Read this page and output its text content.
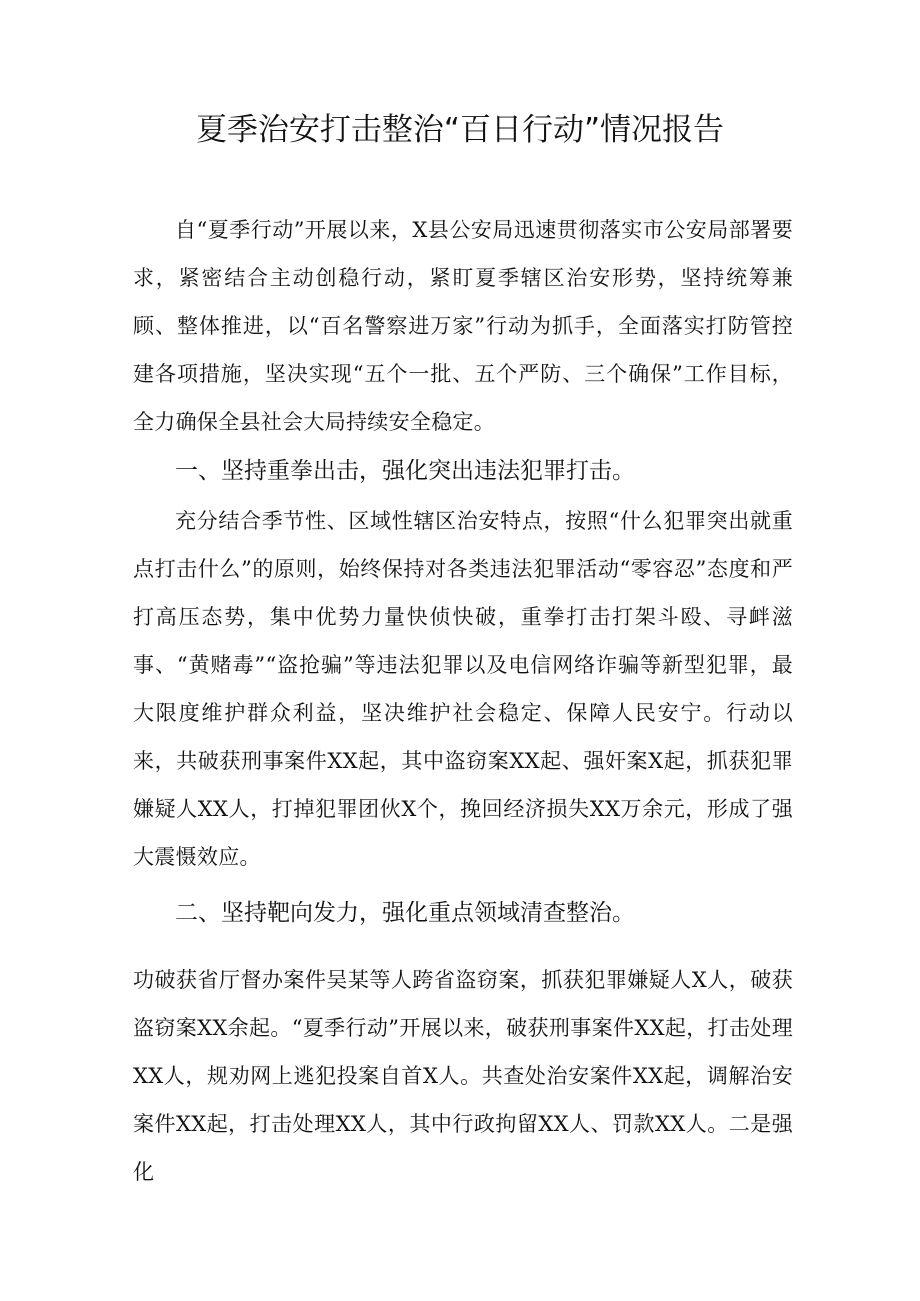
夏季治安打击整治“百日行动”情况报告

自“夏季行动”开展以来，X县公安局迅速贯彻落实市公安局部署要求，紧密结合主动创稳行动，紧盯夏季辖区治安形势，坚持统筹兼顾、整体推进，以“百名警察进万家”行动为抓手，全面落实打防管控建各项措施，坚决实现“五个一批、五个严防、三个确保”工作目标，全力确保全县社会大局持续安全稳定。

一、坚持重拳出击，强化突出违法犯罪打击。

充分结合季节性、区域性辖区治安特点，按照“什么犯罪突出就重点打击什么”的原则，始终保持对各类违法犯罪活动“零容忍”态度和严打高压态势，集中优势力量快侦快破，重拳打击打架斗殴、寻衅滋事、“黄赌毒”“盗抢骗”等违法犯罪以及电信网络诈骗等新型犯罪，最大限度维护群众利益，坚决维护社会稳定、保障人民安宁。行动以来，共破获刑事案件XX起，其中盗窃案XX起、强奸案X起，抓获犯罪嫌疑人XX人，打掉犯罪团伙X个，挽回经济损失XX万余元，形成了强大震慑效应。

二、坚持靶向发力，强化重点领域清查整治。

功破获省厅督办案件吴某等人跨省盗窃案，抓获犯罪嫌疑人X人，破获盗窃案XX余起。“夏季行动”开展以来，破获刑事案件XX起，打击处理XX人，规劝网上逃犯投案自首X人。共查处治安案件XX起，调解治安案件XX起，打击处理XX人，其中行政拘留XX人、罚款XX人。二是强化
